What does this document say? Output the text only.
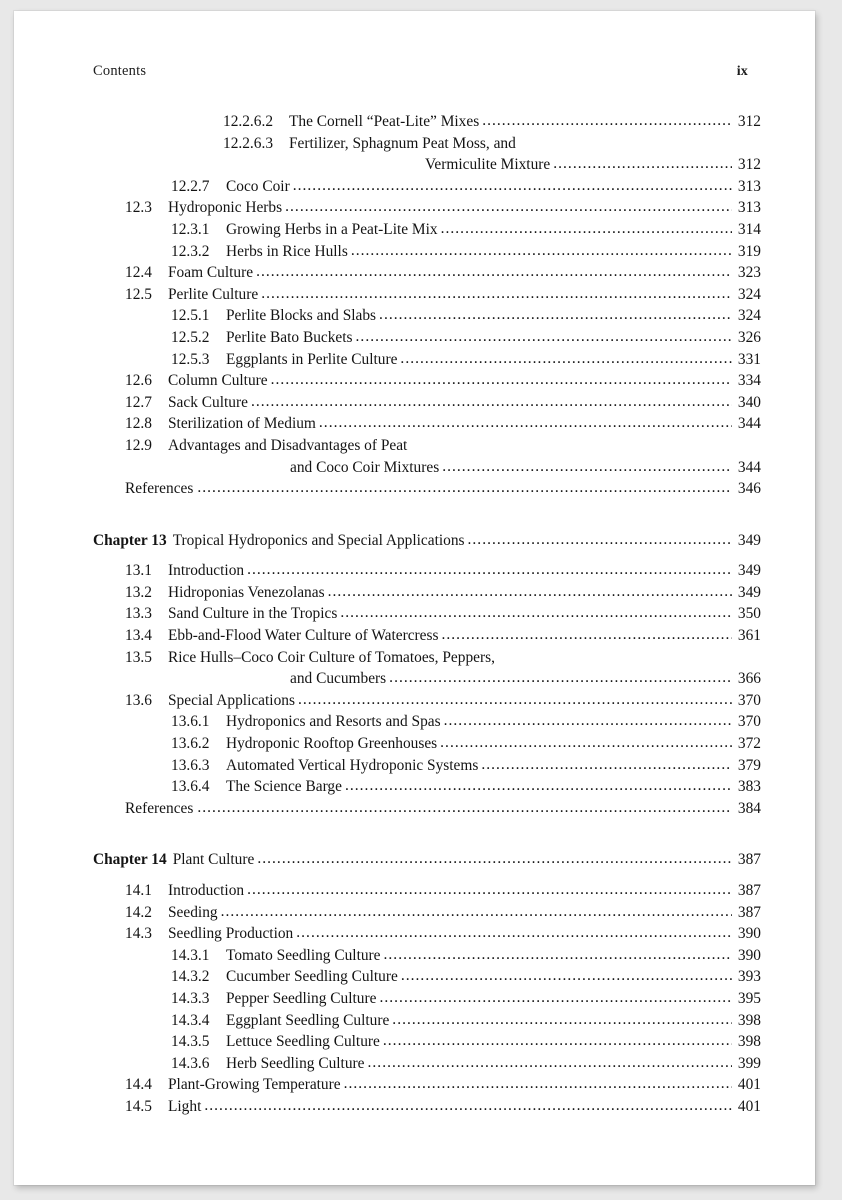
Contents	ix
12.2.6.2	The Cornell “Peat-Lite” Mixes .....	312
12.2.6.3	Fertilizer, Sphagnum Peat Moss, and
Vermiculite Mixture .....	312
12.2.7	Coco Coir .....	313
12.3	Hydroponic Herbs .....	313
12.3.1	Growing Herbs in a Peat-Lite Mix .....	314
12.3.2	Herbs in Rice Hulls .....	319
12.4	Foam Culture .....	323
12.5	Perlite Culture .....	324
12.5.1	Perlite Blocks and Slabs .....	324
12.5.2	Perlite Bato Buckets .....	326
12.5.3	Eggplants in Perlite Culture .....	331
12.6	Column Culture .....	334
12.7	Sack Culture .....	340
12.8	Sterilization of Medium .....	344
12.9	Advantages and Disadvantages of Peat
and Coco Coir Mixtures .....	344
References .....	346
Chapter 13 Tropical Hydroponics and Special Applications .....	349
13.1	Introduction .....	349
13.2	Hidroponias Venezolanas .....	349
13.3	Sand Culture in the Tropics .....	350
13.4	Ebb-and-Flood Water Culture of Watercress .....	361
13.5	Rice Hulls–Coco Coir Culture of Tomatoes, Peppers,
and Cucumbers .....	366
13.6	Special Applications .....	370
13.6.1	Hydroponics and Resorts and Spas .....	370
13.6.2	Hydroponic Rooftop Greenhouses .....	372
13.6.3	Automated Vertical Hydroponic Systems .....	379
13.6.4	The Science Barge .....	383
References .....	384
Chapter 14 Plant Culture .....	387
14.1	Introduction .....	387
14.2	Seeding .....	387
14.3	Seedling Production .....	390
14.3.1	Tomato Seedling Culture .....	390
14.3.2	Cucumber Seedling Culture .....	393
14.3.3	Pepper Seedling Culture .....	395
14.3.4	Eggplant Seedling Culture .....	398
14.3.5	Lettuce Seedling Culture .....	398
14.3.6	Herb Seedling Culture .....	399
14.4	Plant-Growing Temperature .....	401
14.5	Light .....	401
